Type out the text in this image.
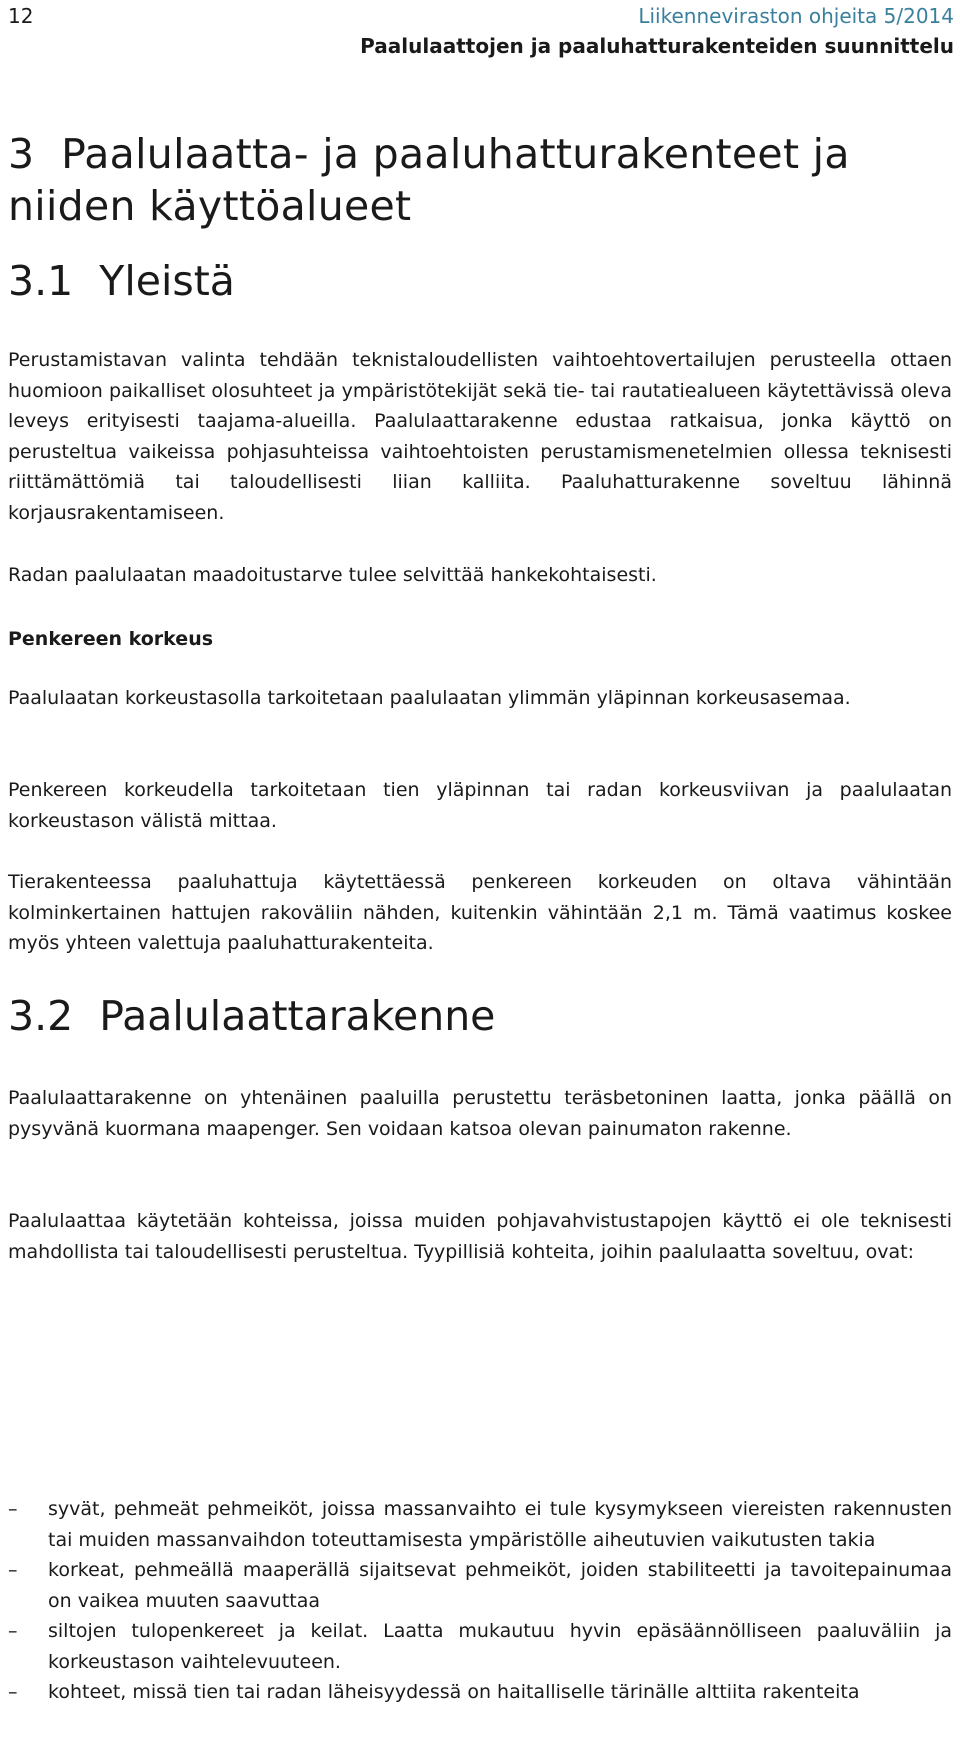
12	Liikenneviraston ohjeita 5/2014
Paalulaattojen ja paaluhatturakenteiden suunnittelu
3 Paalulaatta- ja paaluhatturakenteet ja niiden käyttöalueet
3.1 Yleistä

Perustamistavan valinta tehdään teknistaloudellisten vaihtoehtovertailujen perusteella ottaen huomioon paikalliset olosuhteet ja ympäristötekijät sekä tie- tai rautatiealueen käytettävissä oleva leveys erityisesti taajama-alueilla. Paalulaattarakenne edustaa ratkaisua, jonka käyttö on perusteltua vaikeissa pohjasuhteissa vaihtoehtoisten perustamismenetelmien ollessa teknisesti riittämättömiä tai taloudellisesti liian kalliita. Paaluhatturakenne soveltuu lähinnä korjausrakentamiseen.

Radan paalulaatan maadoitustarve tulee selvittää hankekohtaisesti.

Penkereen korkeus

Paalulaatan korkeustasolla tarkoitetaan paalulaatan ylimmän yläpinnan korkeusasemaa.

Penkereen korkeudella tarkoitetaan tien yläpinnan tai radan korkeusviivan ja paalulaatan korkeustason välistä mittaa.

Tierakenteessa paaluhattuja käytettäessä penkereen korkeuden on oltava vähintään kolminkertainen hattujen rakoväliin nähden, kuitenkin vähintään 2,1 m. Tämä vaatimus koskee myös yhteen valettuja paaluhatturakenteita.

3.2 Paalulaattarakenne

Paalulaattarakenne on yhtenäinen paaluilla perustettu teräsbetoninen laatta, jonka päällä on pysyvänä kuormana maapenger. Sen voidaan katsoa olevan painumaton rakenne.

Paalulaattaa käytetään kohteissa, joissa muiden pohjavahvistustapojen käyttö ei ole teknisesti mahdollista tai taloudellisesti perusteltua. Tyypillisiä kohteita, joihin paalulaatta soveltuu, ovat:

– syvät, pehmeät pehmeiköt, joissa massanvaihto ei tule kysymykseen viereisten rakennusten tai muiden massanvaihdon toteuttamisesta ympäristölle aiheutuvien vaikutusten takia
– korkeat, pehmeällä maaperällä sijaitsevat pehmeiköt, joiden stabiliteetti ja tavoitepainumaa on vaikea muuten saavuttaa
– siltojen tulopenkereet ja keilat. Laatta mukautuu hyvin epäsäännölliseen paaluväliin ja korkeustason vaihtelevuuteen.
– kohteet, missä tien tai radan läheisyydessä on haitalliselle tärinälle alttiita rakenteita
